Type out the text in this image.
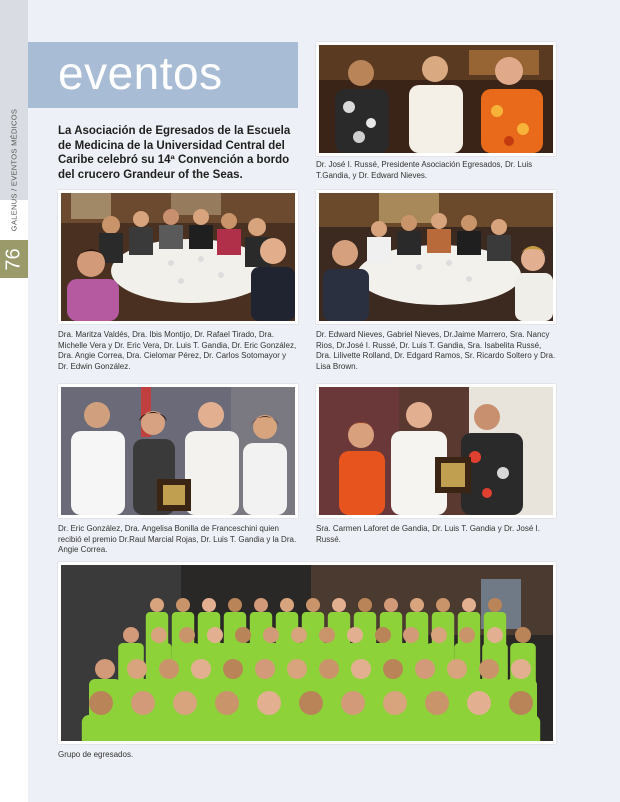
GALENUS / EVENTOS MÉDICOS
76
eventos
La Asociación de Egresados de la Escuela de Medicina de la Universidad Central del Caribe celebró su 14ª Convención a bordo del crucero Grandeur of the Seas.
Dr. José I. Russé, Presidente Asociación Egresados, Dr. Luis T.Gandia, y Dr. Edward Nieves.
Dra. Maritza Valdés, Dra. Ibis Montijo, Dr. Rafael Tirado, Dra. Michelle Vera y Dr. Eric Vera, Dr. Luis T. Gandia, Dr. Eric González, Dra. Angie Correa, Dra. Cielomar Pérez, Dr. Carlos Sotomayor y Dr. Edwin González.
Dr. Edward Nieves, Gabriel Nieves, Dr.Jaime Marrero, Sra. Nancy Rios, Dr.José I. Russé, Dr. Luis T. Gandia, Sra. Isabelita Russé, Dra. Lilivette Rolland, Dr. Edgard Ramos, Sr. Ricardo Soltero y Dra. Lisa Brown.
Dr. Eric González, Dra. Angelisa Bonilla de Franceschini quien recibió el premio Dr.Raul Marcial Rojas, Dr. Luis T. Gandia y la Dra. Angie Correa.
Sra. Carmen Laforet de Gandia, Dr. Luis T. Gandia y Dr. José I. Russé.
Grupo de egresados.
